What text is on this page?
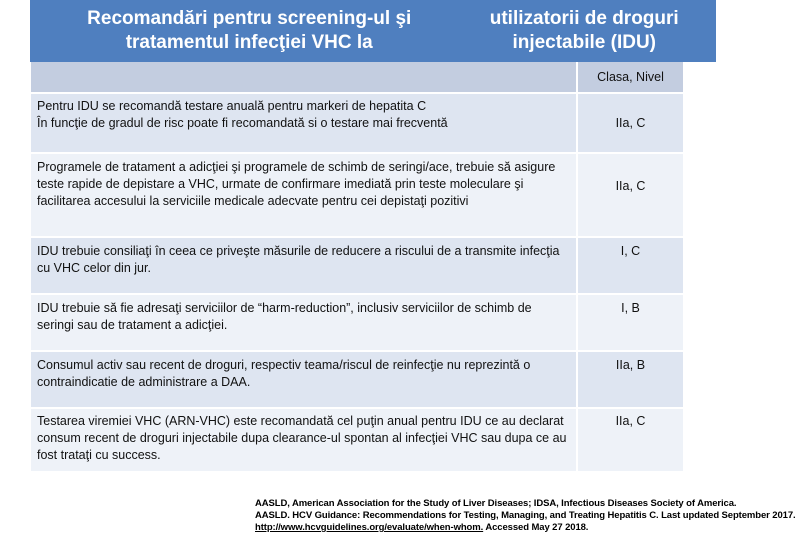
Recomandări pentru screening-ul şi tratamentul infecţiei VHC la
utilizatorii de droguri injectabile (IDU)
	Clasa, Nivel
Pentru IDU se recomandă testare anuală pentru markeri de hepatita C
În funcţie de gradul de risc poate fi recomandată si o testare mai frecventă	IIa, C
Programele de tratament a adicţiei şi programele de schimb de seringi/ace, trebuie să asigure teste rapide de depistare a VHC, urmate de confirmare imediată prin teste moleculare şi facilitarea accesului la serviciile medicale adecvate pentru cei depistaţi pozitivi	IIa, C
IDU trebuie consiliaţi în ceea ce priveşte măsurile de reducere a riscului de a transmite infecţia cu VHC celor din jur.	I, C
IDU trebuie să fie adresaţi serviciilor de “harm-reduction”, inclusiv serviciilor de schimb de seringi sau de tratament a adicţiei.	I, B
Consumul activ sau recent de droguri, respectiv teama/riscul de reinfecţie nu reprezintă o contraindicatie de administrare a DAA.	IIa, B
Testarea viremiei VHC (ARN-VHC) este recomandată cel puţin anual pentru IDU ce au declarat consum recent de droguri injectabile dupa clearance-ul spontan al infecţiei VHC sau dupa ce au fost trataţi cu success.	IIa, C
AASLD, American Association for the Study of Liver Diseases; IDSA, Infectious Diseases Society of America.
AASLD. HCV Guidance: Recommendations for Testing, Managing, and Treating Hepatitis C. Last updated September 2017.
http://www.hcvguidelines.org/evaluate/when-whom. Accessed May 27 2018.
